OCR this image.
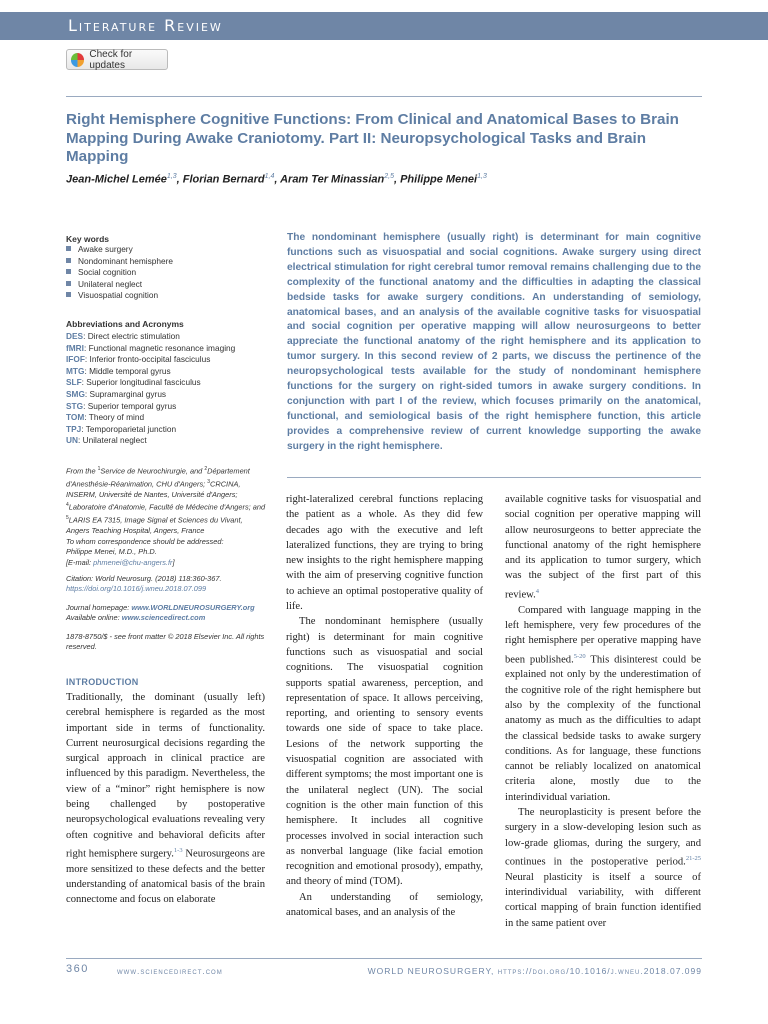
Literature Review
Check for updates
Right Hemisphere Cognitive Functions: From Clinical and Anatomical Bases to Brain Mapping During Awake Craniotomy. Part II: Neuropsychological Tasks and Brain Mapping
Jean-Michel Lemée$^{1,3}$, Florian Bernard$^{1,4}$, Aram Ter Minassian$^{2,5}$, Philippe Menei$^{1,3}$
Key words
Awake surgery
Nondominant hemisphere
Social cognition
Unilateral neglect
Visuospatial cognition
Abbreviations and Acronyms
DES: Direct electric stimulation
fMRI: Functional magnetic resonance imaging
IFOF: Inferior fronto-occipital fasciculus
MTG: Middle temporal gyrus
SLF: Superior longitudinal fasciculus
SMG: Supramarginal gyrus
STG: Superior temporal gyrus
TOM: Theory of mind
TPJ: Temporoparietal junction
UN: Unilateral neglect
From the $^1$Service de Neurochirurgie, and $^2$Département d'Anesthésie-Réanimation, CHU d'Angers; $^3$CRCINA, INSERM, Université de Nantes, Université d'Angers; $^4$Laboratoire d'Anatomie, Faculté de Médecine d'Angers; and $^5$LARIS EA 7315, Image Signal et Sciences du Vivant, Angers Teaching Hospital, Angers, France
To whom correspondence should be addressed:
Philippe Menei, M.D., Ph.D.
[E-mail: phmenei@chu-angers.fr]
Citation: World Neurosurg. (2018) 118:360-367.
https://doi.org/10.1016/j.wneu.2018.07.099
Journal homepage: www.WORLDNEUROSURGERY.org
Available online: www.sciencedirect.com
1878-8750/$ - see front matter © 2018 Elsevier Inc. All rights reserved.

The nondominant hemisphere (usually right) is determinant for main cognitive functions such as visuospatial and social cognitions. Awake surgery using direct electrical stimulation for right cerebral tumor removal remains challenging due to the complexity of the functional anatomy and the difficulties in adapting the classical bedside tasks for awake surgery conditions. An understanding of semiology, anatomical bases, and an analysis of the available cognitive tasks for visuospatial and social cognition per operative mapping will allow neurosurgeons to better appreciate the functional anatomy of the right hemisphere and its application to tumor surgery. In this second review of 2 parts, we discuss the pertinence of the neuropsychological tests available for the study of nondominant hemisphere functions for the surgery on right-sided tumors in awake surgery conditions. In conjunction with part I of the review, which focuses primarily on the anatomical, functional, and semiological basis of the right hemisphere function, this article provides a comprehensive review of current knowledge supporting the awake surgery in the right hemisphere.

INTRODUCTION

Traditionally, the dominant (usually left) cerebral hemisphere is regarded as the most important side in terms of functionality. Current neurosurgical decisions regarding the surgical approach in clinical practice are influenced by this paradigm. Nevertheless, the view of a “minor” right hemisphere is now being challenged by postoperative neuropsychological evaluations revealing very often cognitive and behavioral deficits after right hemisphere surgery.$^{1-3}$ Neurosurgeons are more sensitized to these defects and the better understanding of anatomical basis of the brain connectome and focus on elaborate

right-lateralized cerebral functions replacing the patient as a whole. As they did few decades ago with the executive and left lateralized functions, they are trying to bring new insights to the right hemisphere mapping with the aim of preserving cognitive function to achieve an optimal postoperative quality of life.

The nondominant hemisphere (usually right) is determinant for main cognitive functions such as visuospatial and social cognitions. The visuospatial cognition supports spatial awareness, perception, and representation of space. It allows perceiving, reporting, and orienting to sensory events towards one side of space to take place. Lesions of the network supporting the visuospatial cognition are associated with different symptoms; the most important one is the unilateral neglect (UN). The social cognition is the other main function of this hemisphere. It includes all cognitive processes involved in social interaction such as nonverbal language (like facial emotion recognition and emotional prosody), empathy, and theory of mind (TOM).

An understanding of semiology, anatomical bases, and an analysis of the

available cognitive tasks for visuospatial and social cognition per operative mapping will allow neurosurgeons to better appreciate the functional anatomy of the right hemisphere and its application to tumor surgery, which was the subject of the first part of this review.$^4$

Compared with language mapping in the left hemisphere, very few procedures of the right hemisphere per operative mapping have been published.$^{5-20}$ This disinterest could be explained not only by the underestimation of the cognitive role of the right hemisphere but also by the complexity of the functional anatomy as much as the difficulties to adapt the classical bedside tasks to awake surgery conditions. As for language, these functions cannot be reliably localized on anatomical criteria alone, mostly due to the interindividual variation.

The neuroplasticity is present before the surgery in a slow-developing lesion such as low-grade gliomas, during the surgery, and continues in the postoperative period.$^{21-25}$ Neural plasticity is itself a source of interindividual variability, with different cortical mapping of brain function identified in the same patient over

360	www.sciencedirect.com	WORLD NEUROSURGERY, https://doi.org/10.1016/j.wneu.2018.07.099
